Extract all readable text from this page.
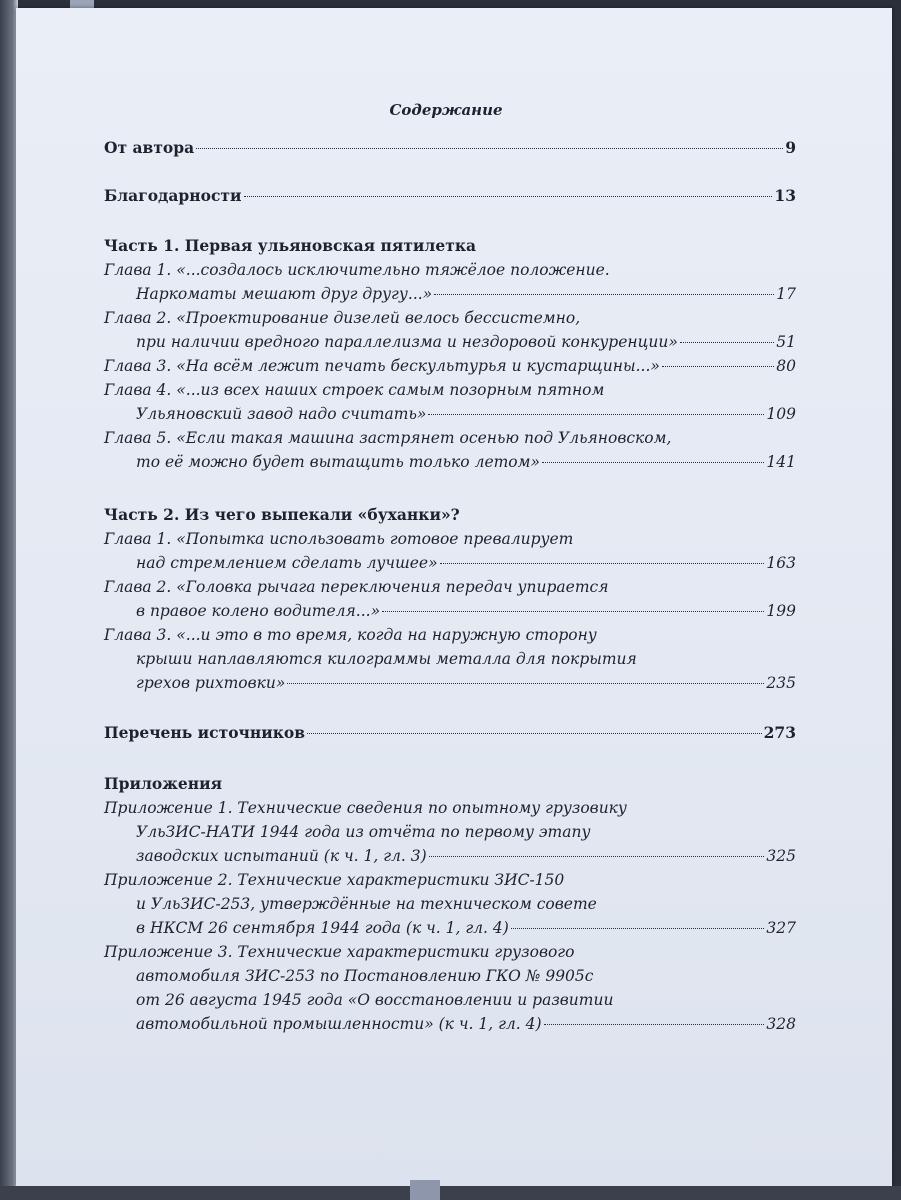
Содержание
От автора	9
Благодарности	13
Часть 1. Первая ульяновская пятилетка
Глава 1. «...создалось исключительно тяжёлое положение.
Наркоматы мешают друг другу...»	17
Глава 2. «Проектирование дизелей велось бессистемно,
при наличии вредного параллелизма и нездоровой конкуренции»	51
Глава 3. «На всём лежит печать бескультурья и кустарщины...»	80
Глава 4. «...из всех наших строек самым позорным пятном
Ульяновский завод надо считать»	109
Глава 5. «Если такая машина застрянет осенью под Ульяновском,
то её можно будет вытащить только летом»	141
Часть 2. Из чего выпекали «буханки»?
Глава 1. «Попытка использовать готовое превалирует
над стремлением сделать лучшее»	163
Глава 2. «Головка рычага переключения передач упирается
в правое колено водителя...»	199
Глава 3. «...и это в то время, когда на наружную сторону
крыши наплавляются килограммы металла для покрытия
грехов рихтовки»	235
Перечень источников	273
Приложения
Приложение 1. Технические сведения по опытному грузовику
УльЗИС-НАТИ 1944 года из отчёта по первому этапу
заводских испытаний (к ч. 1, гл. 3)	325
Приложение 2. Технические характеристики ЗИС-150
и УльЗИС-253, утверждённые на техническом совете
в НКСМ 26 сентября 1944 года (к ч. 1, гл. 4)	327
Приложение 3. Технические характеристики грузового
автомобиля ЗИС-253 по Постановлению ГКО № 9905с
от 26 августа 1945 года «О восстановлении и развитии
автомобильной промышленности» (к ч. 1, гл. 4)	328
